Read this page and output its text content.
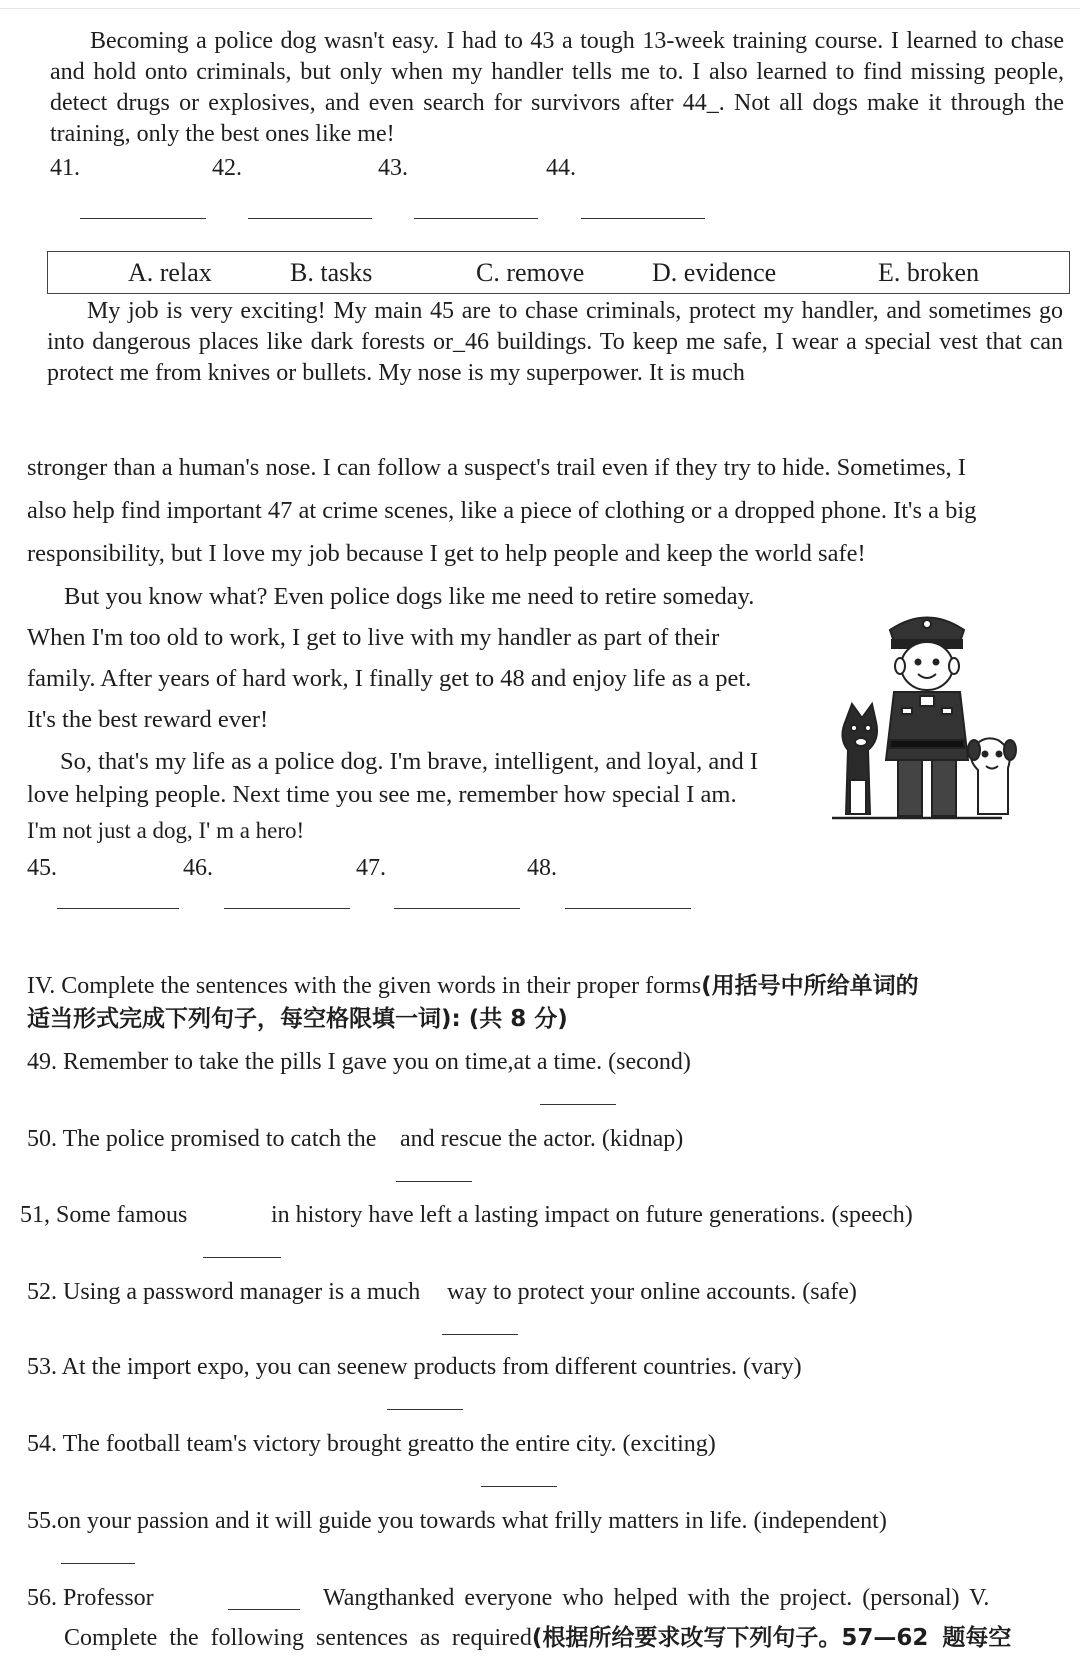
Becoming a police dog wasn't easy. I had to 43 a tough 13-week training course. I learned to chase and hold onto criminals, but only when my handler tells me to. I also learned to find missing people, detect drugs or explosives, and even search for survivors after 44_. Not all dogs make it through the training, only the best ones like me!

41.	42.	43.	44.
A. relax	B. tasks	C. remove	D. evidence	E. broken

My job is very exciting! My main 45 are to chase criminals, protect my handler, and sometimes go into dangerous places like dark forests or_46 buildings. To keep me safe, I wear a special vest that can protect me from knives or bullets. My nose is my superpower. It is much

stronger than a human's nose. I can follow a suspect's trail even if they try to hide. Sometimes, I
also help find important 47 at crime scenes, like a piece of clothing or a dropped phone. It's a big
responsibility, but I love my job because I get to help people and keep the world safe!
But you know what? Even police dogs like me need to retire someday.
When I'm too old to work, I get to live with my handler as part of their
family. After years of hard work, I finally get to 48 and enjoy life as a pet.
It's the best reward ever!
So, that's my life as a police dog. I'm brave, intelligent, and loyal, and I
love helping people. Next time you see me, remember how special I am.
I'm not just a dog, I' m a hero!
45.	46.	47.	48.
IV. Complete the sentences with the given words in their proper forms(用括号中所给单词的
适当形式完成下列句子，每空格限填一词): (共 8 分)
49. Remember to take the pills I gave you on time,at a time. (second)
50. The police promised to catch the and rescue the actor. (kidnap)
51, Some famous	in history have left a lasting impact on future generations. (speech)
52. Using a password manager is a much way to protect your online accounts. (safe)
53. At the import expo, you can seenew products from different countries. (vary)
54. The football team's victory brought greatto the entire city. (exciting)
55.on your passion and it will guide you towards what frilly matters in life. (independent)
56. Professor	Wangthanked everyone who helped with the project. (personal) V.
Complete the following sentences as required(根据所给要求改写下列句子。57—62 题每空
